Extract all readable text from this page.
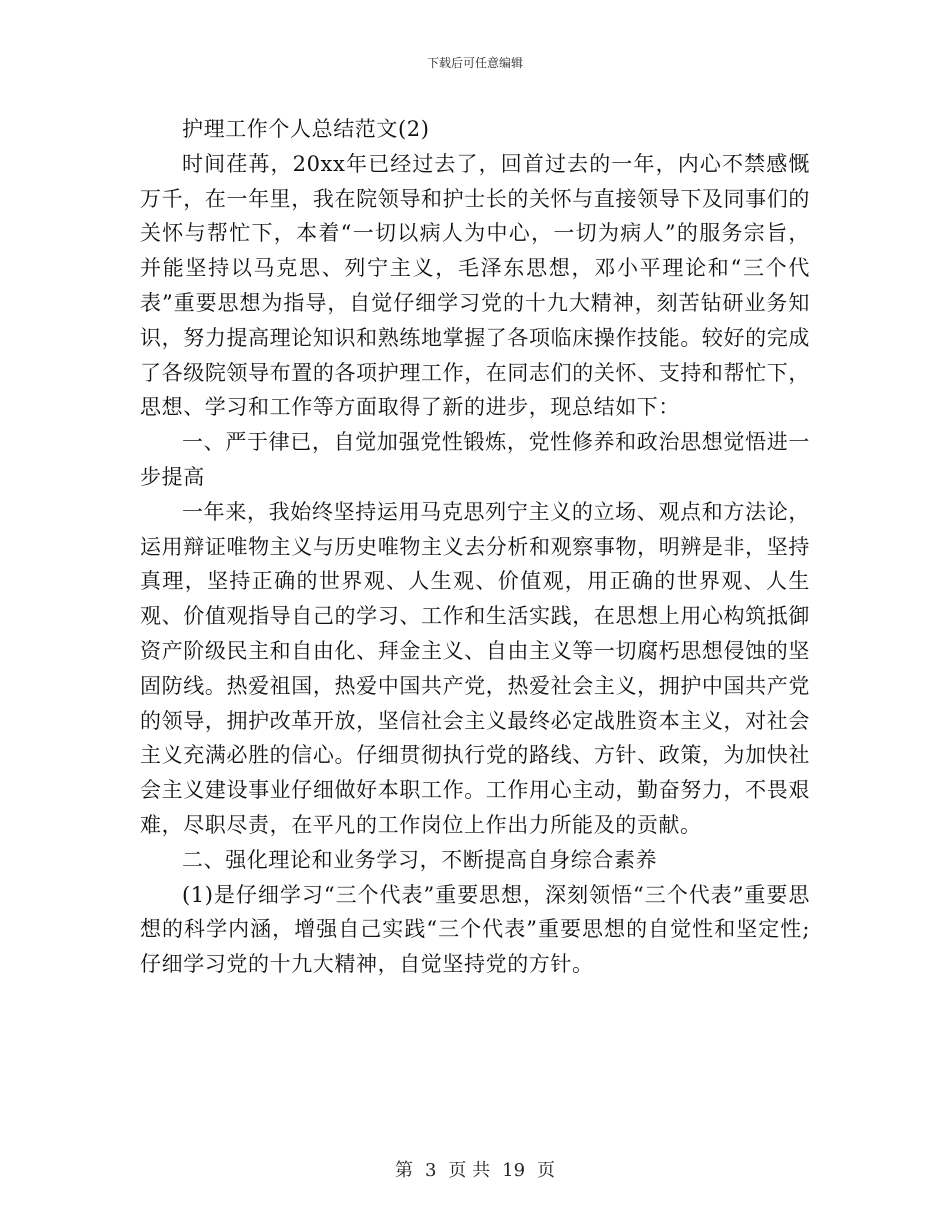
下载后可任意编辑

护理工作个人总结范文(2)

时间荏苒，20xx年已经过去了，回首过去的一年，内心不禁感慨万千，在一年里，我在院领导和护士长的关怀与直接领导下及同事们的关怀与帮忙下，本着“一切以病人为中心，一切为病人”的服务宗旨，并能坚持以马克思、列宁主义，毛泽东思想，邓小平理论和“三个代表”重要思想为指导，自觉仔细学习党的十九大精神，刻苦钻研业务知识，努力提高理论知识和熟练地掌握了各项临床操作技能。较好的完成了各级院领导布置的各项护理工作，在同志们的关怀、支持和帮忙下，思想、学习和工作等方面取得了新的进步，现总结如下：

一、严于律已，自觉加强党性锻炼，党性修养和政治思想觉悟进一步提高

一年来，我始终坚持运用马克思列宁主义的立场、观点和方法论，运用辩证唯物主义与历史唯物主义去分析和观察事物，明辨是非，坚持真理，坚持正确的世界观、人生观、价值观，用正确的世界观、人生观、价值观指导自己的学习、工作和生活实践，在思想上用心构筑抵御资产阶级民主和自由化、拜金主义、自由主义等一切腐朽思想侵蚀的坚固防线。热爱祖国，热爱中国共产党，热爱社会主义，拥护中国共产党的领导，拥护改革开放，坚信社会主义最终必定战胜资本主义，对社会主义充满必胜的信心。仔细贯彻执行党的路线、方针、政策，为加快社会主义建设事业仔细做好本职工作。工作用心主动，勤奋努力，不畏艰难，尽职尽责，在平凡的工作岗位上作出力所能及的贡献。

二、强化理论和业务学习，不断提高自身综合素养

(1)是仔细学习“三个代表”重要思想，深刻领悟“三个代表”重要思想的科学内涵，增强自己实践“三个代表”重要思想的自觉性和坚定性;仔细学习党的十九大精神，自觉坚持党的方针。

第 3 页 共 19 页
